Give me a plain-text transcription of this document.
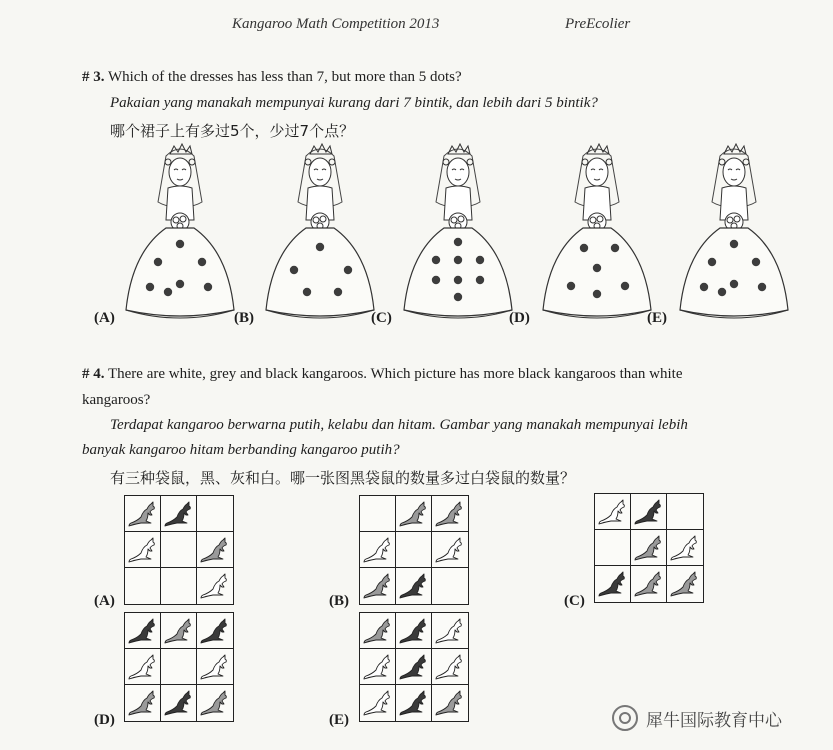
Kangaroo Math Competition 2013	PreEcolier
# 3. Which of the dresses has less than 7, but more than 5 dots?
Pakaian yang manakah mempunyai kurang dari 7 bintik, dan lebih dari 5 bintik?
哪个裙子上有多过5个，少过7个点？
(A)	(B)	(C)	(D)	(E)
# 4. There are white, grey and black kangaroos. Which picture has more black kangaroos than white
kangaroos?
Terdapat kangaroo berwarna putih, kelabu dan hitam. Gambar yang manakah mempunyai lebih
banyak kangaroo hitam berbanding kangaroo putih?
有三种袋鼠，黑、灰和白。哪一张图黑袋鼠的数量多过白袋鼠的数量？
(A)	(B)	(C)
(D)	(E)	犀牛国际教育中心
